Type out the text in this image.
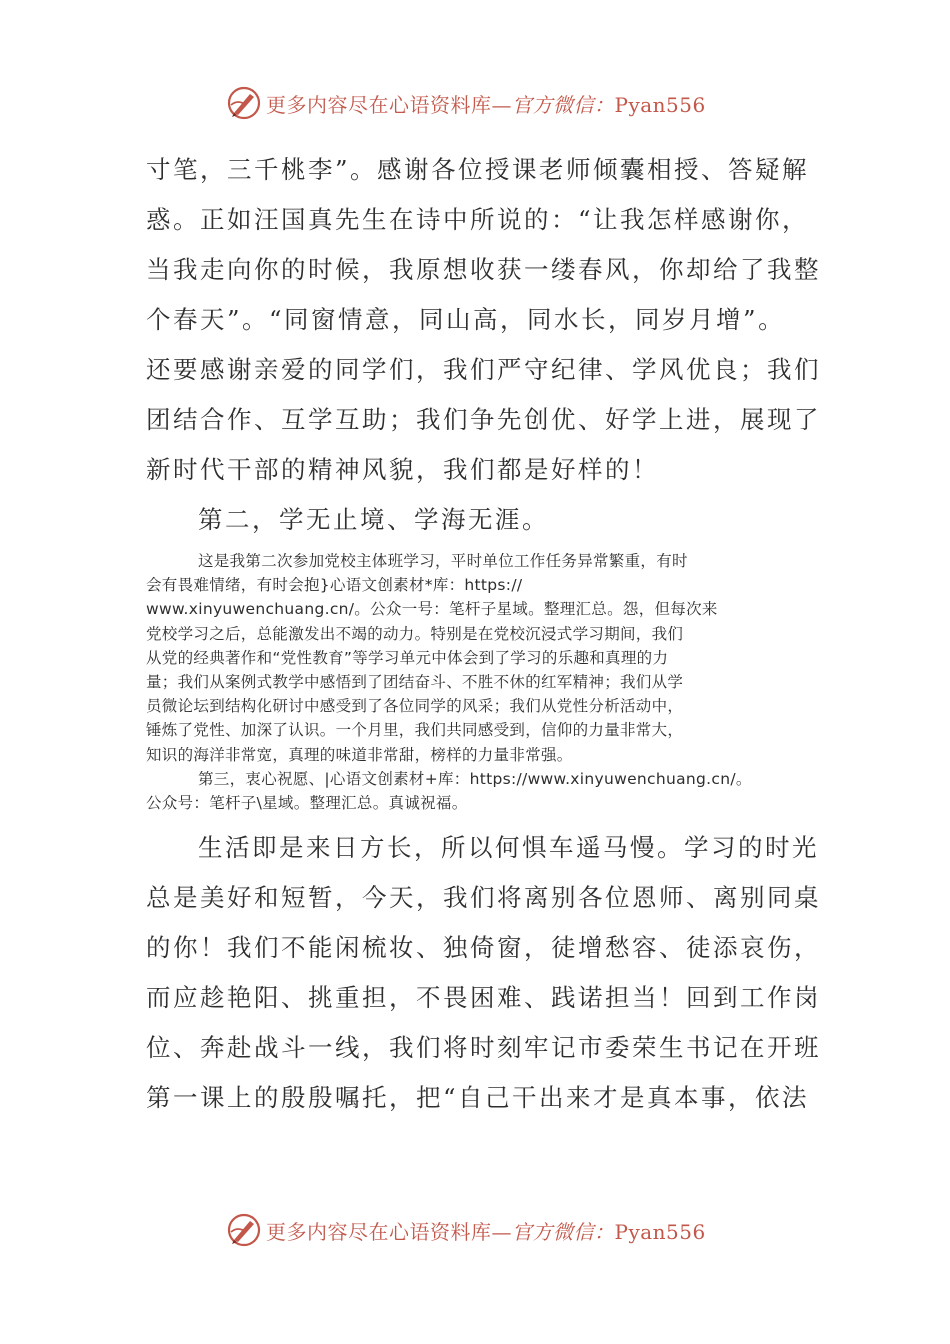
更多内容尽在心语资料库—官方微信：Pyan556

寸笔，三千桃李”。感谢各位授课老师倾囊相授、答疑解

惑。正如汪国真先生在诗中所说的：“让我怎样感谢你，

当我走向你的时候，我原想收获一缕春风，你却给了我整

个春天”。“同窗情意，同山高，同水长，同岁月增”。

还要感谢亲爱的同学们，我们严守纪律、学风优良；我们

团结合作、互学互助；我们争先创优、好学上进，展现了

新时代干部的精神风貌，我们都是好样的！

第二，学无止境、学海无涯。

这是我第二次参加党校主体班学习，平时单位工作任务异常繁重，有时

会有畏难情绪，有时会抱}心语文创素材*库：https://

www.xinyuwenchuang.cn/。公众一号：笔杆子星域。整理汇总。怨，但每次来

党校学习之后，总能激发出不竭的动力。特别是在党校沉浸式学习期间，我们

从党的经典著作和“党性教育”等学习单元中体会到了学习的乐趣和真理的力

量；我们从案例式教学中感悟到了团结奋斗、不胜不休的红军精神；我们从学

员微论坛到结构化研讨中感受到了各位同学的风采；我们从党性分析活动中，

锤炼了党性、加深了认识。一个月里，我们共同感受到，信仰的力量非常大，

知识的海洋非常宽，真理的味道非常甜，榜样的力量非常强。

第三，衷心祝愿、|心语文创素材+库：https://www.xinyuwenchuang.cn/。

公众号：笔杆子\星域。整理汇总。真诚祝福。

生活即是来日方长，所以何惧车遥马慢。学习的时光

总是美好和短暂，今天，我们将离别各位恩师、离别同桌

的你！我们不能闲梳妆、独倚窗，徒增愁容、徒添哀伤，

而应趁艳阳、挑重担，不畏困难、践诺担当！回到工作岗

位、奔赴战斗一线，我们将时刻牢记市委荣生书记在开班

第一课上的殷殷嘱托，把“自己干出来才是真本事，依法

更多内容尽在心语资料库—官方微信：Pyan556
